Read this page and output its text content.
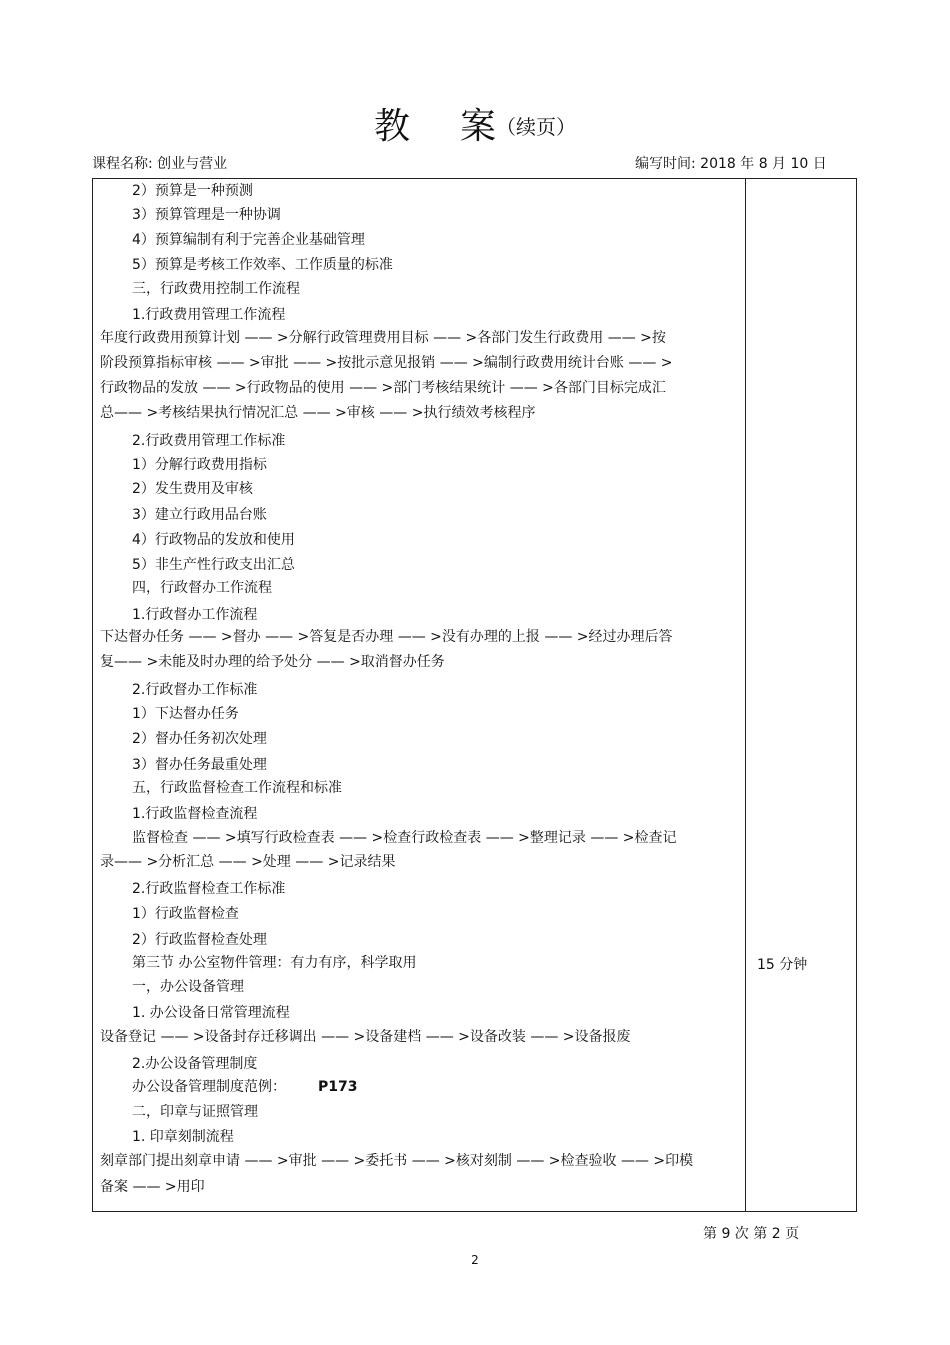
教 案（续页）
课程名称: 创业与营业	编写时间: 2018 年 8 月 10 日
2）预算是一种预测
3）预算管理是一种协调
4）预算编制有利于完善企业基础管理
5）预算是考核工作效率、工作质量的标准
三，行政费用控制工作流程
1.行政费用管理工作流程
年度行政费用预算计划 —— >分解行政管理费用目标 —— >各部门发生行政费用 —— >按
阶段预算指标审核 —— >审批 —— >按批示意见报销 —— >编制行政费用统计台账 —— >
行政物品的发放 —— >行政物品的使用 —— >部门考核结果统计 —— >各部门目标完成汇
总—— >考核结果执行情况汇总 —— >审核 —— >执行绩效考核程序
2.行政费用管理工作标准
1）分解行政费用指标
2）发生费用及审核
3）建立行政用品台账
4）行政物品的发放和使用
5）非生产性行政支出汇总
四，行政督办工作流程
1.行政督办工作流程
下达督办任务 —— >督办 —— >答复是否办理 —— >没有办理的上报 —— >经过办理后答
复—— >未能及时办理的给予处分 —— >取消督办任务
2.行政督办工作标准
1）下达督办任务
2）督办任务初次处理
3）督办任务最重处理
五，行政监督检查工作流程和标准
1.行政监督检查流程
监督检查 —— >填写行政检查表 —— >检查行政检查表 —— >整理记录 —— >检查记
录—— >分析汇总 —— >处理 —— >记录结果
2.行政监督检查工作标准
1）行政监督检查
2）行政监督检查处理
第三节 办公室物件管理：有力有序，科学取用
一，办公设备管理
1. 办公设备日常管理流程
设备登记 —— >设备封存迁移调出 —— >设备建档 —— >设备改装 —— >设备报废
2.办公设备管理制度
办公设备管理制度范例： P173
二，印章与证照管理
1. 印章刻制流程
刻章部门提出刻章申请 —— >审批 —— >委托书 —— >核对刻制 —— >检查验收 —— >印模
备案 —— >用印
15 分钟
第 9 次 第 2 页
2
